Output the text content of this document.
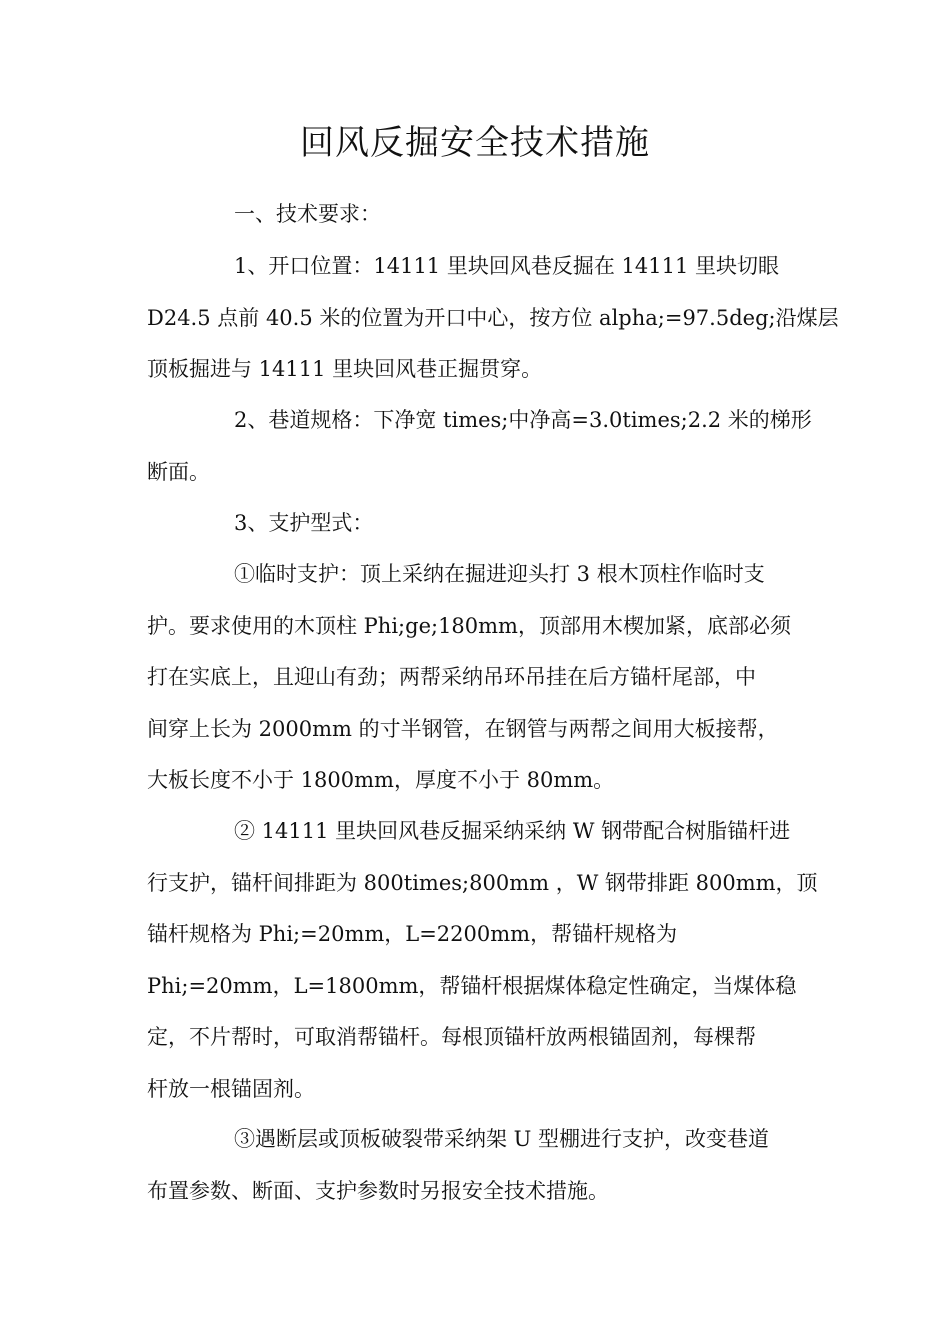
回风反掘安全技术措施

一、技术要求：

1、开口位置：14111 里块回风巷反掘在 14111 里块切眼
D24.5 点前 40.5 米的位置为开口中心，按方位 alpha;=97.5deg;沿煤层
顶板掘进与 14111 里块回风巷正掘贯穿。

2、巷道规格：下净宽 times;中净高=3.0times;2.2 米的梯形
断面。

3、支护型式：

①临时支护：顶上采纳在掘进迎头打 3 根木顶柱作临时支
护。要求使用的木顶柱 Phi;ge;180mm，顶部用木楔加紧，底部必须
打在实底上，且迎山有劲；两帮采纳吊环吊挂在后方锚杆尾部，中
间穿上长为 2000mm 的寸半钢管，在钢管与两帮之间用大板接帮，
大板长度不小于 1800mm，厚度不小于 80mm。

② 14111 里块回风巷反掘采纳采纳 W 钢带配合树脂锚杆进
行支护，锚杆间排距为 800times;800mm ，W 钢带排距 800mm，顶
锚杆规格为 Phi;=20mm，L=2200mm，帮锚杆规格为
Phi;=20mm，L=1800mm，帮锚杆根据煤体稳定性确定，当煤体稳
定，不片帮时，可取消帮锚杆。每根顶锚杆放两根锚固剂，每棵帮
杆放一根锚固剂。

③遇断层或顶板破裂带采纳架 U 型棚进行支护，改变巷道
布置参数、断面、支护参数时另报安全技术措施。
